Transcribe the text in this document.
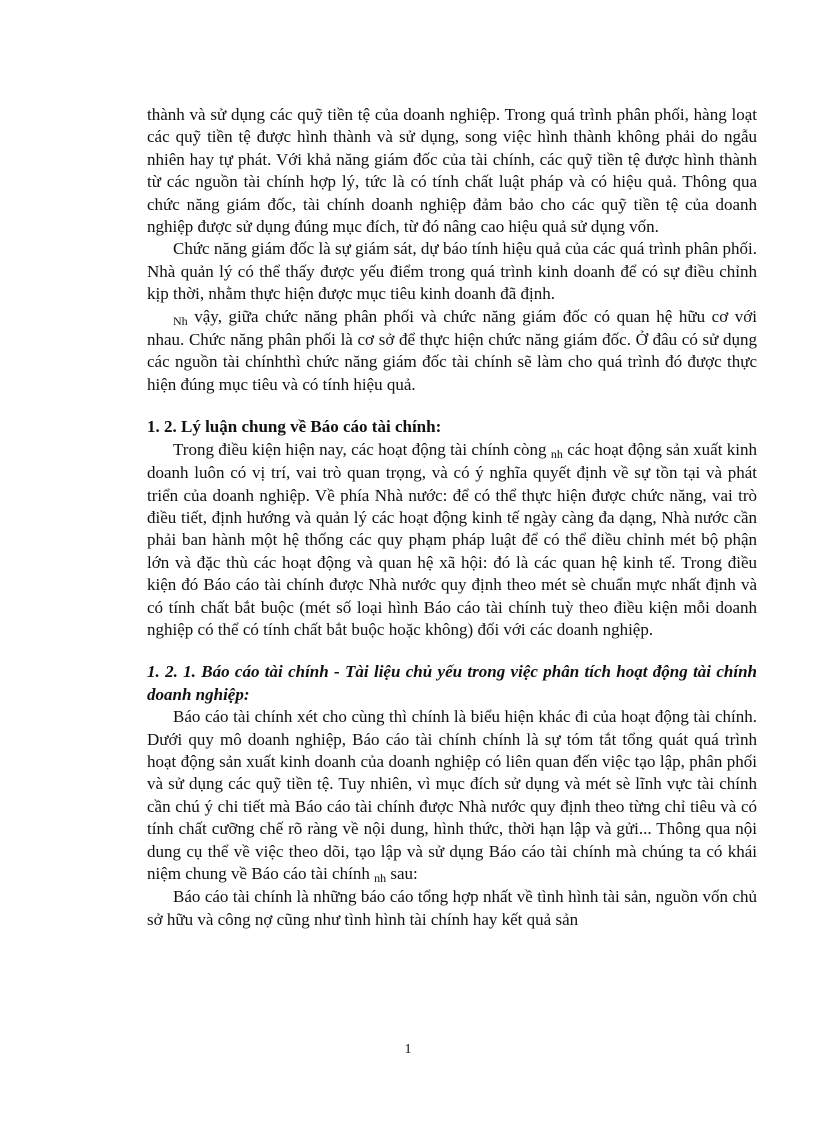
thành và sử dụng các quỹ tiền tệ của doanh nghiệp. Trong quá trình phân phối, hàng loạt các quỹ tiền tệ được hình thành và sử dụng, song việc hình thành không phải do ngẫu nhiên hay tự phát. Với khả năng giám đốc của tài chính, các quỹ tiền tệ được hình thành từ các nguồn tài chính hợp lý, tức là có tính chất luật pháp và có hiệu quả. Thông qua chức năng giám đốc, tài chính doanh nghiệp đảm bảo cho các quỹ tiền tệ của doanh nghiệp được sử dụng đúng mục đích, từ đó nâng cao hiệu quả sử dụng vốn.

Chức năng giám đốc là sự giám sát, dự báo tính hiệu quả của các quá trình phân phối. Nhà quản lý có thể thấy được yếu điểm trong quá trình kinh doanh để có sự điều chỉnh kịp thời, nhằm thực hiện được mục tiêu kinh doanh đã định.

Nh vậy, giữa chức năng phân phối và chức năng giám đốc có quan hệ hữu cơ với nhau. Chức năng phân phối là cơ sở để thực hiện chức năng giám đốc. Ở đâu có sử dụng các nguồn tài chínhthì chức năng giám đốc tài chính sẽ làm cho quá trình đó được thực hiện đúng mục tiêu và có tính hiệu quả.

1. 2. Lý luận chung về Báo cáo tài chính:

Trong điều kiện hiện nay, các hoạt động tài chính còng nh các hoạt động sản xuất kinh doanh luôn có vị trí, vai trò quan trọng, và có ý nghĩa quyết định về sự tồn tại và phát triển của doanh nghiệp. Về phía Nhà nước: để có thể thực hiện được chức năng, vai trò điều tiết, định hướng và quản lý các hoạt động kinh tế ngày càng đa dạng, Nhà nước cần phải ban hành một hệ thống các quy phạm pháp luật để có thể điều chỉnh mét bộ phận lớn và đặc thù các hoạt động và quan hệ xã hội: đó là các quan hệ kinh tế. Trong điều kiện đó Báo cáo tài chính được Nhà nước quy định theo mét sè chuẩn mực nhất định và có tính chất bắt buộc (mét số loại hình Báo cáo tài chính tuỳ theo điều kiện mỗi doanh nghiệp có thể có tính chất bắt buộc hoặc không) đối với các doanh nghiệp.

1. 2. 1. Báo cáo tài chính - Tài liệu chủ yếu trong việc phân tích hoạt động tài chính doanh nghiệp:

Báo cáo tài chính xét cho cùng thì chính là biểu hiện khác đi của hoạt động tài chính. Dưới quy mô doanh nghiệp, Báo cáo tài chính chính là sự tóm tắt tổng quát quá trình hoạt động sản xuất kinh doanh của doanh nghiệp có liên quan đến việc tạo lập, phân phối và sử dụng các quỹ tiền tệ. Tuy nhiên, vì mục đích sử dụng và mét sè lĩnh vực tài chính cần chú ý chi tiết mà Báo cáo tài chính được Nhà nước quy định theo từng chỉ tiêu và có tính chất cưỡng chế rõ ràng về nội dung, hình thức, thời hạn lập và gửi... Thông qua nội dung cụ thể về việc theo dõi, tạo lập và sử dụng Báo cáo tài chính mà chúng ta có khái niệm chung về Báo cáo tài chính nh sau:

Báo cáo tài chính là những báo cáo tổng hợp nhất về tình hình tài sản, nguồn vốn chủ sở hữu và công nợ cũng như tình hình tài chính hay kết quả sản

1
